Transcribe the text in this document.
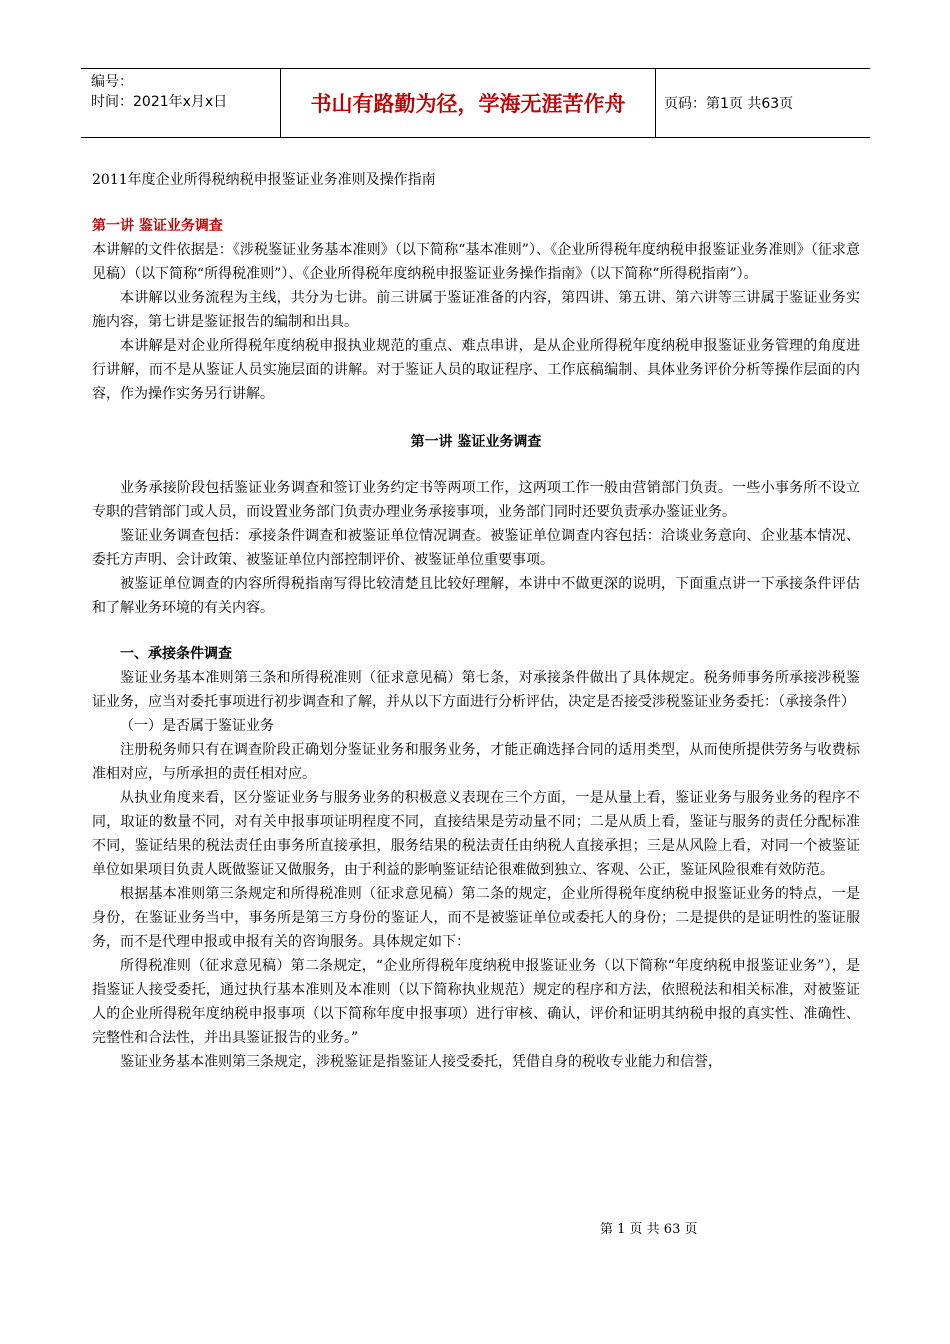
编号：
时间：2021年x月x日	书山有路勤为径，学海无涯苦作舟	页码：第1页 共63页
2011年度企业所得税纳税申报鉴证业务准则及操作指南
第一讲 鉴证业务调查

本讲解的文件依据是：《涉税鉴证业务基本准则》（以下简称“基本准则”）、《企业所得税年度纳税申报鉴证业务准则》（征求意见稿）（以下简称“所得税准则”）、《企业所得税年度纳税申报鉴证业务操作指南》（以下简称“所得税指南”）。

本讲解以业务流程为主线，共分为七讲。前三讲属于鉴证准备的内容，第四讲、第五讲、第六讲等三讲属于鉴证业务实施内容，第七讲是鉴证报告的编制和出具。

本讲解是对企业所得税年度纳税申报执业规范的重点、难点串讲，是从企业所得税年度纳税申报鉴证业务管理的角度进行讲解，而不是从鉴证人员实施层面的讲解。对于鉴证人员的取证程序、工作底稿编制、具体业务评价分析等操作层面的内容，作为操作实务另行讲解。

第一讲 鉴证业务调查

业务承接阶段包括鉴证业务调查和签订业务约定书等两项工作，这两项工作一般由营销部门负责。一些小事务所不设立专职的营销部门或人员，而设置业务部门负责办理业务承接事项，业务部门同时还要负责承办鉴证业务。

鉴证业务调查包括：承接条件调查和被鉴证单位情况调查。被鉴证单位调查内容包括：洽谈业务意向、企业基本情况、委托方声明、会计政策、被鉴证单位内部控制评价、被鉴证单位重要事项。

被鉴证单位调查的内容所得税指南写得比较清楚且比较好理解，本讲中不做更深的说明，下面重点讲一下承接条件评估和了解业务环境的有关内容。

一、承接条件调查

鉴证业务基本准则第三条和所得税准则（征求意见稿）第七条，对承接条件做出了具体规定。税务师事务所承接涉税鉴证业务，应当对委托事项进行初步调查和了解，并从以下方面进行分析评估，决定是否接受涉税鉴证业务委托：（承接条件）

（一）是否属于鉴证业务

注册税务师只有在调查阶段正确划分鉴证业务和服务业务，才能正确选择合同的适用类型，从而使所提供劳务与收费标准相对应，与所承担的责任相对应。

从执业角度来看，区分鉴证业务与服务业务的积极意义表现在三个方面，一是从量上看，鉴证业务与服务业务的程序不同，取证的数量不同，对有关申报事项证明程度不同，直接结果是劳动量不同；二是从质上看，鉴证与服务的责任分配标准不同，鉴证结果的税法责任由事务所直接承担，服务结果的税法责任由纳税人直接承担；三是从风险上看，对同一个被鉴证单位如果项目负责人既做鉴证又做服务，由于利益的影响鉴证结论很难做到独立、客观、公正，鉴证风险很难有效防范。

根据基本准则第三条规定和所得税准则（征求意见稿）第二条的规定，企业所得税年度纳税申报鉴证业务的特点，一是身份，在鉴证业务当中，事务所是第三方身份的鉴证人，而不是被鉴证单位或委托人的身份；二是提供的是证明性的鉴证服务，而不是代理申报或申报有关的咨询服务。具体规定如下：

所得税准则（征求意见稿）第二条规定，“企业所得税年度纳税申报鉴证业务（以下简称“年度纳税申报鉴证业务”），是指鉴证人接受委托，通过执行基本准则及本准则（以下简称执业规范）规定的程序和方法，依照税法和相关标准，对被鉴证人的企业所得税年度纳税申报事项（以下简称年度申报事项）进行审核、确认，评价和证明其纳税申报的真实性、准确性、完整性和合法性，并出具鉴证报告的业务。”

鉴证业务基本准则第三条规定，涉税鉴证是指鉴证人接受委托，凭借自身的税收专业能力和信誉，

第 1 页 共 63 页
